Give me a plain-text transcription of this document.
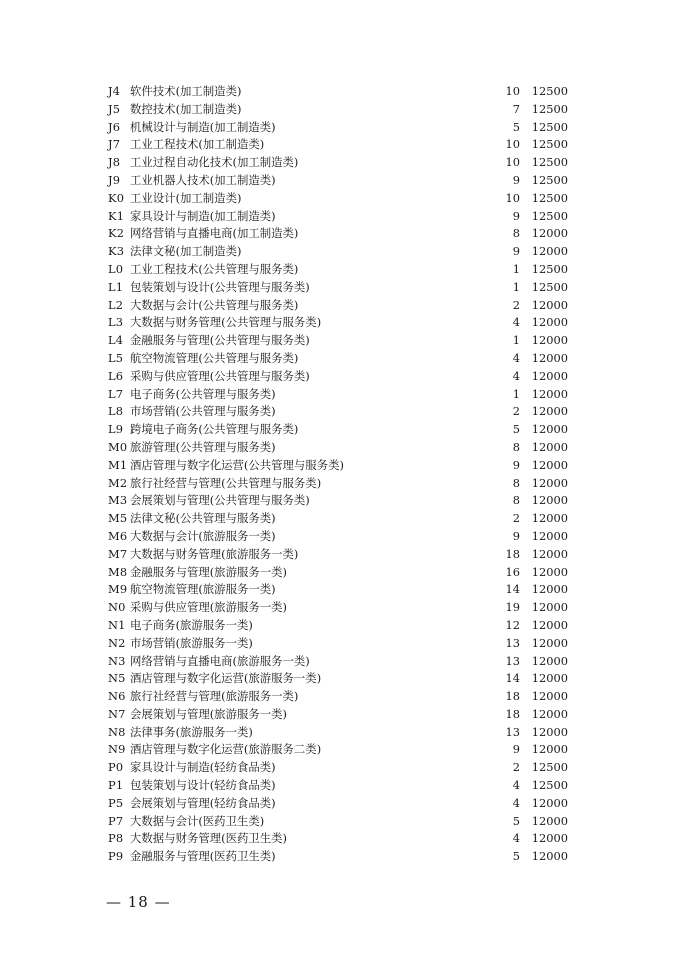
J4 软件技术(加工制造类)	10 12500
J5 数控技术(加工制造类)	7 12500
J6 机械设计与制造(加工制造类)	5 12500
J7 工业工程技术(加工制造类)	10 12500
J8 工业过程自动化技术(加工制造类)	10 12500
J9 工业机器人技术(加工制造类)	9 12500
K0 工业设计(加工制造类)	10 12500
K1 家具设计与制造(加工制造类)	9 12500
K2 网络营销与直播电商(加工制造类)	8 12000
K3 法律文秘(加工制造类)	9 12000
L0 工业工程技术(公共管理与服务类)	1 12500
L1 包装策划与设计(公共管理与服务类)	1 12500
L2 大数据与会计(公共管理与服务类)	2 12000
L3 大数据与财务管理(公共管理与服务类)	4 12000
L4 金融服务与管理(公共管理与服务类)	1 12000
L5 航空物流管理(公共管理与服务类)	4 12000
L6 采购与供应管理(公共管理与服务类)	4 12000
L7 电子商务(公共管理与服务类)	1 12000
L8 市场营销(公共管理与服务类)	2 12000
L9 跨境电子商务(公共管理与服务类)	5 12000
M0 旅游管理(公共管理与服务类)	8 12000
M1 酒店管理与数字化运营(公共管理与服务类)	9 12000
M2 旅行社经营与管理(公共管理与服务类)	8 12000
M3 会展策划与管理(公共管理与服务类)	8 12000
M5 法律文秘(公共管理与服务类)	2 12000
M6 大数据与会计(旅游服务一类)	9 12000
M7 大数据与财务管理(旅游服务一类)	18 12000
M8 金融服务与管理(旅游服务一类)	16 12000
M9 航空物流管理(旅游服务一类)	14 12000
N0 采购与供应管理(旅游服务一类)	19 12000
N1 电子商务(旅游服务一类)	12 12000
N2 市场营销(旅游服务一类)	13 12000
N3 网络营销与直播电商(旅游服务一类)	13 12000
N5 酒店管理与数字化运营(旅游服务一类)	14 12000
N6 旅行社经营与管理(旅游服务一类)	18 12000
N7 会展策划与管理(旅游服务一类)	18 12000
N8 法律事务(旅游服务一类)	13 12000
N9 酒店管理与数字化运营(旅游服务二类)	9 12000
P0 家具设计与制造(轻纺食品类)	2 12500
P1 包装策划与设计(轻纺食品类)	4 12500
P5 会展策划与管理(轻纺食品类)	4 12000
P7 大数据与会计(医药卫生类)	5 12000
P8 大数据与财务管理(医药卫生类)	4 12000
P9 金融服务与管理(医药卫生类)	5 12000
— 18 —
